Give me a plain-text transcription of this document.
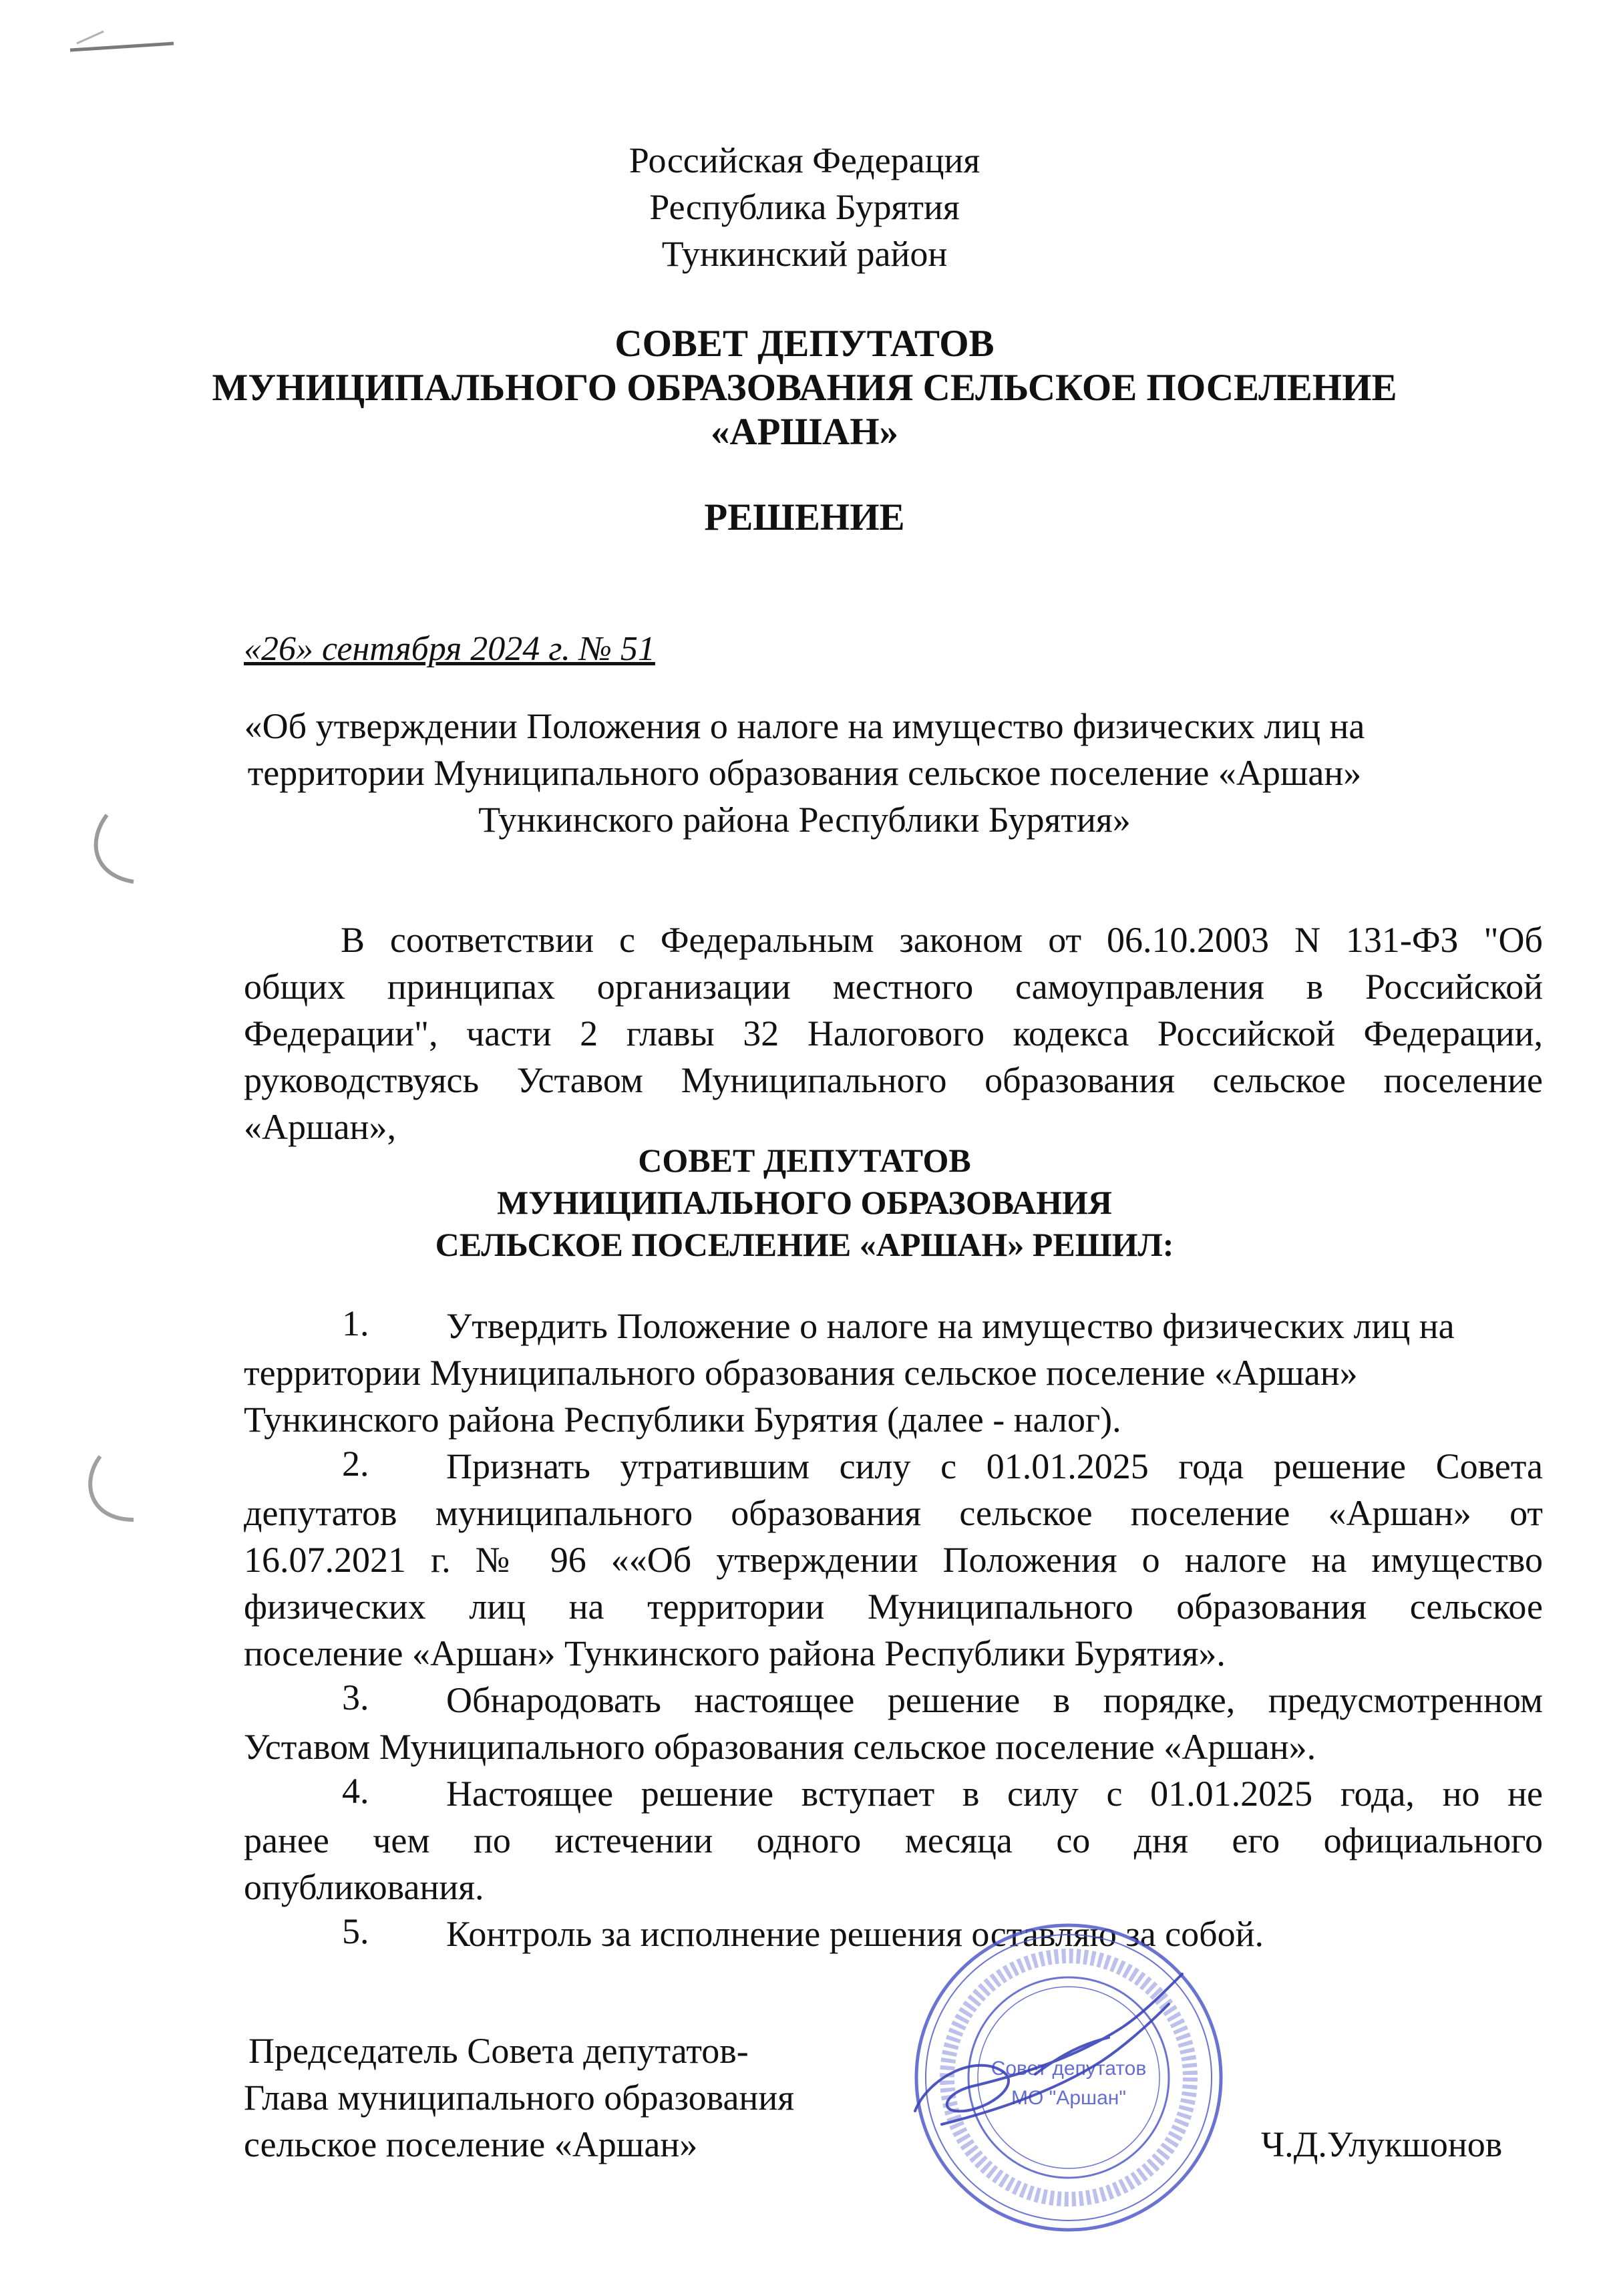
Российская Федерация
Республика Бурятия
Тункинский район
СОВЕТ ДЕПУТАТОВ
МУНИЦИПАЛЬНОГО ОБРАЗОВАНИЯ СЕЛЬСКОЕ ПОСЕЛЕНИЕ
«АРШАН»
РЕШЕНИЕ
«26» сентября 2024 г. № 51
«Об утверждении Положения о налоге на имущество физических лиц на
территории Муниципального образования сельское поселение «Аршан»
Тункинского района Республики Бурятия»
В соответствии с Федеральным законом от 06.10.2003 N 131-ФЗ "Об
общих принципах организации местного самоуправления в Российской
Федерации", части 2 главы 32 Налогового кодекса Российской Федерации,
руководствуясь Уставом Муниципального образования сельское поселение
«Аршан»,
СОВЕТ ДЕПУТАТОВ
МУНИЦИПАЛЬНОГО ОБРАЗОВАНИЯ
СЕЛЬСКОЕ ПОСЕЛЕНИЕ «АРШАН» РЕШИЛ:
1. Утвердить Положение о налоге на имущество физических лиц на
территории Муниципального образования сельское поселение «Аршан»
Тункинского района Республики Бурятия (далее - налог).
2. Признать утратившим силу с 01.01.2025 года решение Совета
депутатов муниципального образования сельское поселение «Аршан» от
16.07.2021 г. № 96 ««Об утверждении Положения о налоге на имущество
физических лиц на территории Муниципального образования сельское
поселение «Аршан» Тункинского района Республики Бурятия».
3. Обнародовать настоящее решение в порядке, предусмотренном
Уставом Муниципального образования сельское поселение «Аршан».
4. Настоящее решение вступает в силу с 01.01.2025 года, но не
ранее чем по истечении одного месяца со дня его официального
опубликования.
5. Контроль за исполнение решения оставляю за собой.
Председатель Совета депутатов-
Глава муниципального образования
сельское поселение «Аршан»	Ч.Д.Улукшонов
Совет депутатов
МО "Аршан"
